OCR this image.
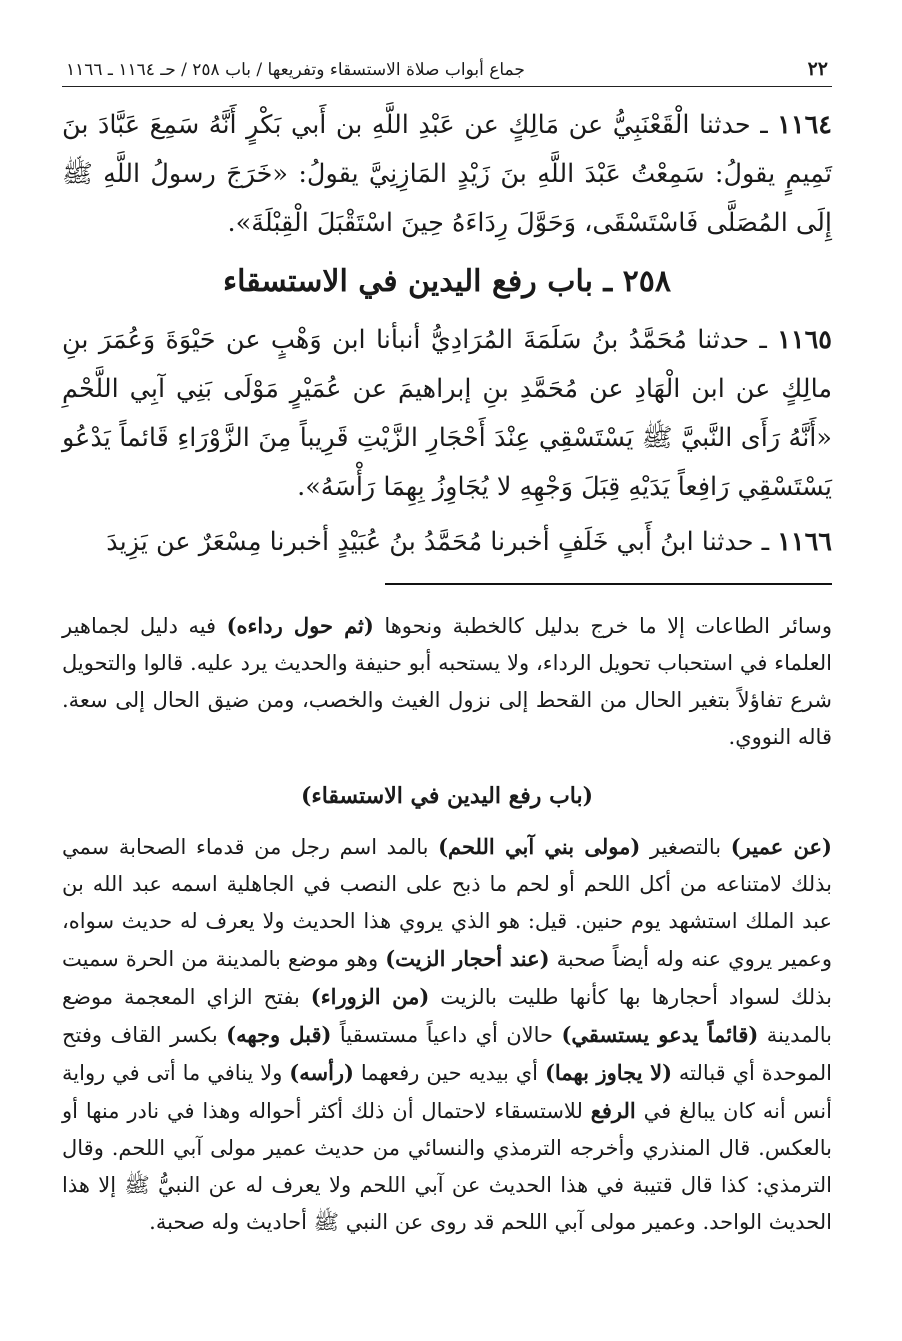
٢٢
جماع أبواب صلاة الاستسقاء وتفريعها / باب ٢٥٨ / حـ ١١٦٤ ـ ١١٦٦

١١٦٤ ـ حدثنا الْقَعْنَبِيُّ عن مَالِكٍ عن عَبْدِ اللَّهِ بن أَبي بَكْرٍ أَنَّهُ سَمِعَ عَبَّادَ بنَ تَمِيمٍ يقولُ: سَمِعْتُ عَبْدَ اللَّهِ بنَ زَيْدٍ المَازِنِيَّ يقولُ: «خَرَجَ رسولُ اللَّهِ ﷺ إِلَى المُصَلَّى فَاسْتَسْقَى، وَحَوَّلَ رِدَاءَهُ حِينَ اسْتَقْبَلَ الْقِبْلَةَ».

٢٥٨ ـ باب رفع اليدين في الاستسقاء

١١٦٥ ـ حدثنا مُحَمَّدُ بنُ سَلَمَةَ المُرَادِيُّ أنبأنا ابن وَهْبٍ عن حَيْوَةَ وَعُمَرَ بنِ مالِكٍ عن ابن الْهَادِ عن مُحَمَّدِ بنِ إبراهيمَ عن عُمَيْرٍ مَوْلَى بَنِي آبِي اللَّحْمِ «أَنَّهُ رَأَى النَّبيَّ ﷺ يَسْتَسْقِي عِنْدَ أَحْجَارِ الزَّيْتِ قَرِيباً مِنَ الزَّوْرَاءِ قَائماً يَدْعُو يَسْتَسْقِي رَافِعاً يَدَيْهِ قِبَلَ وَجْهِهِ لا يُجَاوِزُ بِهِمَا رَأْسَهُ».

١١٦٦ ـ حدثنا ابنُ أَبي خَلَفٍ أخبرنا مُحَمَّدُ بنُ عُبَيْدٍ أخبرنا مِسْعَرٌ عن يَزِيدَ

وسائر الطاعات إلا ما خرج بدليل كالخطبة ونحوها (ثم حول رداءه) فيه دليل لجماهير العلماء في استحباب تحويل الرداء، ولا يستحبه أبو حنيفة والحديث يرد عليه. قالوا والتحويل شرع تفاؤلاً بتغير الحال من القحط إلى نزول الغيث والخصب، ومن ضيق الحال إلى سعة. قاله النووي.

(باب رفع اليدين في الاستسقاء)

(عن عمير) بالتصغير (مولى بني آبي اللحم) بالمد اسم رجل من قدماء الصحابة سمي بذلك لامتناعه من أكل اللحم أو لحم ما ذبح على النصب في الجاهلية اسمه عبد الله بن عبد الملك استشهد يوم حنين. قيل: هو الذي يروي هذا الحديث ولا يعرف له حديث سواه، وعمير يروي عنه وله أيضاً صحبة (عند أحجار الزيت) وهو موضع بالمدينة من الحرة سميت بذلك لسواد أحجارها بها كأنها طليت بالزيت (من الزوراء) بفتح الزاي المعجمة موضع بالمدينة (قائماً يدعو يستسقي) حالان أي داعياً مستسقياً (قبل وجهه) بكسر القاف وفتح الموحدة أي قبالته (لا يجاوز بهما) أي بيديه حين رفعهما (رأسه) ولا ينافي ما أتى في رواية أنس أنه كان يبالغ في الرفع للاستسقاء لاحتمال أن ذلك أكثر أحواله وهذا في نادر منها أو بالعكس. قال المنذري وأخرجه الترمذي والنسائي من حديث عمير مولى آبي اللحم. وقال الترمذي: كذا قال قتيبة في هذا الحديث عن آبي اللحم ولا يعرف له عن النبيُّ ﷺ إلا هذا الحديث الواحد. وعمير مولى آبي اللحم قد روى عن النبي ﷺ أحاديث وله صحبة.
